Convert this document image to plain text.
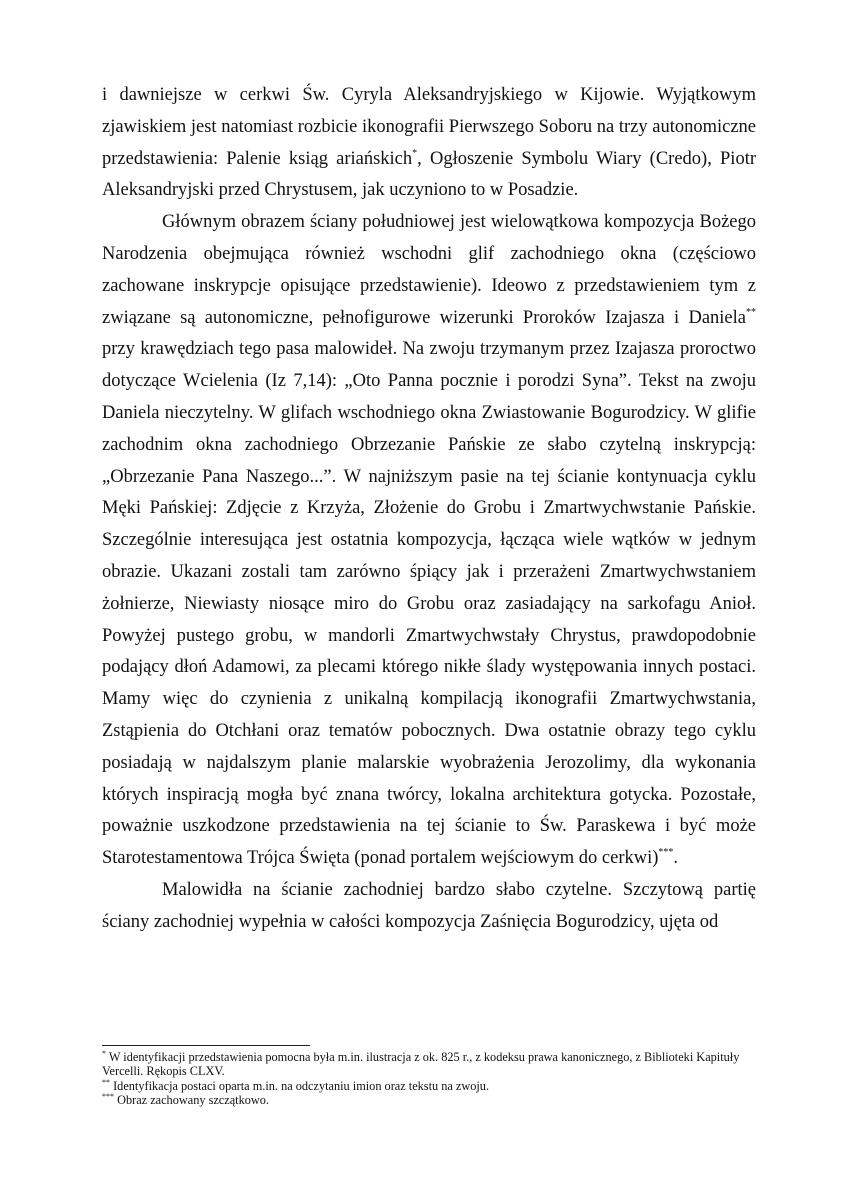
i dawniejsze w cerkwi Św. Cyryla Aleksandryjskiego w Kijowie. Wyjątkowym zjawiskiem jest natomiast rozbicie ikonografii Pierwszego Soboru na trzy autonomiczne przedstawienia: Palenie ksiąg ariańskich*, Ogłoszenie Symbolu Wiary (Credo), Piotr Aleksandryjski przed Chrystusem, jak uczyniono to w Posadzie.

Głównym obrazem ściany południowej jest wielowątkowa kompozycja Bożego Narodzenia obejmująca również wschodni glif zachodniego okna (częściowo zachowane inskrypcje opisujące przedstawienie). Ideowo z przedstawieniem tym z związane są autonomiczne, pełnofigurowe wizerunki Proroków Izajasza i Daniela** przy krawędziach tego pasa malowideł. Na zwoju trzymanym przez Izajasza proroctwo dotyczące Wcielenia (Iz 7,14): „Oto Panna pocznie i porodzi Syna”. Tekst na zwoju Daniela nieczytelny. W glifach wschodniego okna Zwiastowanie Bogurodzicy. W glifie zachodnim okna zachodniego Obrzezanie Pańskie ze słabo czytelną inskrypcją: „Obrzezanie Pana Naszego...”. W najniższym pasie na tej ścianie kontynuacja cyklu Męki Pańskiej: Zdjęcie z Krzyża, Złożenie do Grobu i Zmartwychwstanie Pańskie. Szczególnie interesująca jest ostatnia kompozycja, łącząca wiele wątków w jednym obrazie. Ukazani zostali tam zarówno śpiący jak i przerażeni Zmartwychwstaniem żołnierze, Niewiasty niosące miro do Grobu oraz zasiadający na sarkofagu Anioł. Powyżej pustego grobu, w mandorli Zmartwychwstały Chrystus, prawdopodobnie podający dłoń Adamowi, za plecami którego nikłe ślady występowania innych postaci. Mamy więc do czynienia z unikalną kompilacją ikonografii Zmartwychwstania, Zstąpienia do Otchłani oraz tematów pobocznych. Dwa ostatnie obrazy tego cyklu posiadają w najdalszym planie malarskie wyobrażenia Jerozolimy, dla wykonania których inspiracją mogła być znana twórcy, lokalna architektura gotycka. Pozostałe, poważnie uszkodzone przedstawienia na tej ścianie to Św. Paraskewa i być może Starotestamentowa Trójca Święta (ponad portalem wejściowym do cerkwi)***.

Malowidła na ścianie zachodniej bardzo słabo czytelne. Szczytową partię ściany zachodniej wypełnia w całości kompozycja Zaśnięcia Bogurodzicy, ujęta od

* W identyfikacji przedstawienia pomocna była m.in. ilustracja z ok. 825 r., z kodeksu prawa kanonicznego, z Biblioteki Kapituły Vercelli. Rękopis CLXV.

** Identyfikacja postaci oparta m.in. na odczytaniu imion oraz tekstu na zwoju.

*** Obraz zachowany szczątkowo.
